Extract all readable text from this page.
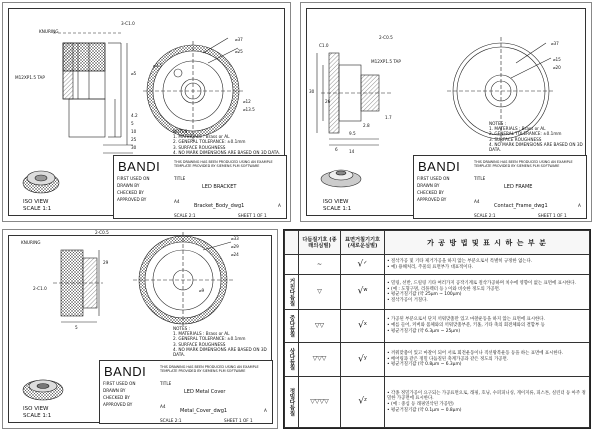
KNURING
3-C1.0
M12XP1.5 TAP
4.2
5
10
25
30
⌀5
⌀3.5
⌀25
⌀37
⌀12
⌀13.5
NOTES :
1. MATERIALS : Brass or AL
2. GENERAL TOLERANCE: ±0.1mm
3. SURFACE ROUGHNESS
4. NO MARK DIMENSIONS ARE BASED ON 3D DATA.
BANDI	THIS DRAWING HAS BEEN PRODUCED USING AN EXAMPLE TEMPLATE PROVIDED BY SIEMENS PLM SOFTWARE
FIRST USED ON
DRAWN BY
CHECKED BY
APPROVED BY
TITLE
LED BRACKET
A4
Bracket_Body_dwg1	A
SCALE 2:1	SHEET 1 OF 1
ISO VIEW
SCALE 1:1
C1.0
2-C0.5
M12XP1.5 TAP
30
26
6
9.5
2.8
14
1.7
⌀37
⌀15
⌀20
NOTES :
1. MATERIALS : Brass or AL
2. GENERAL TOLERANCE: ±0.1mm
3. SURFACE ROUGHNESS
4. NO MARK DIMENSIONS ARE BASED ON 3D DATA.
BANDI	THIS DRAWING HAS BEEN PRODUCED USING AN EXAMPLE TEMPLATE PROVIDED BY SIEMENS PLM SOFTWARE
FIRST USED ON
DRAWN BY
CHECKED BY
APPROVED BY
TITLE
LED FRAME
A4
Contact_Frame_dwg1	A
SCALE 2:1	SHEET 1 OF 1
ISO VIEW
SCALE 1:1
KNURING
2-C0.5
2-C1.0
29
5
⌀33
⌀29
⌀24
⌀9
NOTES :
1. MATERIALS : Brass or AL
2. GENERAL TOLERANCE: ±0.1mm
3. SURFACE ROUGHNESS
4. NO MARK DIMENSIONS ARE BASED ON 3D DATA.
BANDI	THIS DRAWING HAS BEEN PRODUCED USING AN EXAMPLE TEMPLATE PROVIDED BY SIEMENS PLM SOFTWARE
FIRST USED ON
DRAWN BY
CHECKED BY
APPROVED BY
TITLE
LED Metal Cover
A4
Metal_Cover_dwg1	A
SCALE 2:1	SHEET 1 OF 1
ISO VIEW
SCALE 1:1
	다듬질기호 (종래의심벌)	표면거칠기기호 (새로운심벌)	가 공 방 법 및 표 시 하 는 부 분
	~	√✓	• 절삭가공 및 기타 제거가공을 하지 않는 부분으로서 특별히 규정한 없는다.
• 예) 용해처리, 주물의 표면부가 대표적이다.

거친다듬질	▽	√$^w$	• 밀링, 선반, 드릴링 기타 여러가지 공작기계로 절삭가공하며 치수에 영향이 없는 표면에 표시한다.
• (예 : 도형구멍, 리플렉터 등 ) 이와 비슷한 정도의 가공면.
• 평균거칠기값 (약 25μm ~ 100μm)
• 절삭가공이 거칠다.

중다듬질	▽▽	√$^x$	• 가공된 부분으로서 단지 끼워맞춤만 있고 마찰운동을 하지 않는 표면에 표시한다.
• 예를 들어, 커버와 몸체와의 끼워맞춤부분, 키홈, 기타 축의 회전체와의 결합부 등
• 평균거칠기값 (약 6.3μm ~ 25μm)

상다듬질	▽▽▽	√$^y$	• 끼워맞춤이 있고 마찰이 되어 서로 회전운동이나 직선왕복운동 등을 하는 표면에 표시한다.
• 베어링과 같은 정밀 다듬질된 축계가공과 같은 정도의 가공면.
• 평균거칠기값 (약 0.8μm ~ 6.3μm)

정밀다듬질	▽▽▽▽	√$^z$	• 각종 정밀가공이 요구되는 가공표면으로, 래핑, 호닝, 수퍼피니싱, 게이지류, 피스톤, 실린더 등 아주 정밀한 가공면에 표시한다.
• (예 : 중심 등 래핑연삭된 가공면)
• 평균거칠기값 (약 0.1μm ~ 0.8μm)
